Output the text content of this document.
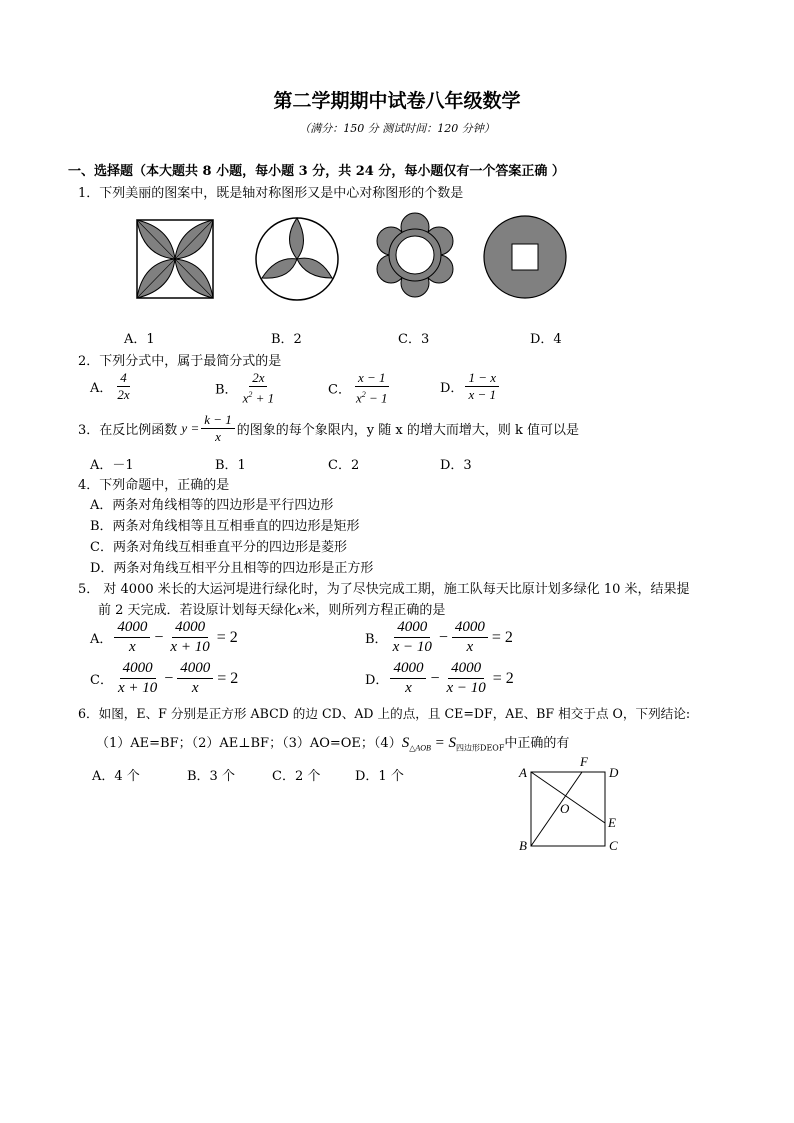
第二学期期中试卷八年级数学
（满分：150 分 测试时间：120 分钟）
一、选择题（本大题共 8 小题，每小题 3 分，共 24 分，每小题仅有一个答案正确 ）
1．下列美丽的图案中，既是轴对称图形又是中心对称图形的个数是
A．1	B．2	C．3	D．4
2．下列分式中，属于最简分式的是
A． $\frac{4}{2x}$	B． $\frac{2x}{x^2 + 1}$	C． $\frac{x - 1}{x^2 - 1}$	D． $\frac{1 - x}{x - 1}$
3．在反比例函数 $y = \frac{k - 1}{x}$ 的图象的每个象限内，y 随 x 的增大而增大，则 k 值可以是
A．－1	B．1	C．2	D．3
4．下列命题中，正确的是
A．两条对角线相等的四边形是平行四边形
B．两条对角线相等且互相垂直的四边形是矩形
C．两条对角线互相垂直平分的四边形是菱形
D．两条对角线互相平分且相等的四边形是正方形
5． 对 4000 米长的大运河堤进行绿化时，为了尽快完成工期，施工队每天比原计划多绿化 10 米，结果提
前 2 天完成．若设原计划每天绿化x米，则所列方程正确的是
A． $\frac{4000}{x} - \frac{4000}{x + 10} = 2$	B． $\frac{4000}{x - 10} - \frac{4000}{x} = 2$
C． $\frac{4000}{x + 10} - \frac{4000}{x} = 2$	D． $\frac{4000}{x} - \frac{4000}{x - 10} = 2$
6．如图，E、F 分别是正方形 ABCD 的边 CD、AD 上的点，且 CE=DF，AE、BF 相交于点 O，下列结论:
（1）AE=BF；（2）AE⊥BF；（3）AO=OE；$(4)S_{\triangle AOB} = S_{四边形DEOF}$中正确的有
A．4 个	B．3 个	C．2 个	D．1 个	A	D
B	C
E
F
O
